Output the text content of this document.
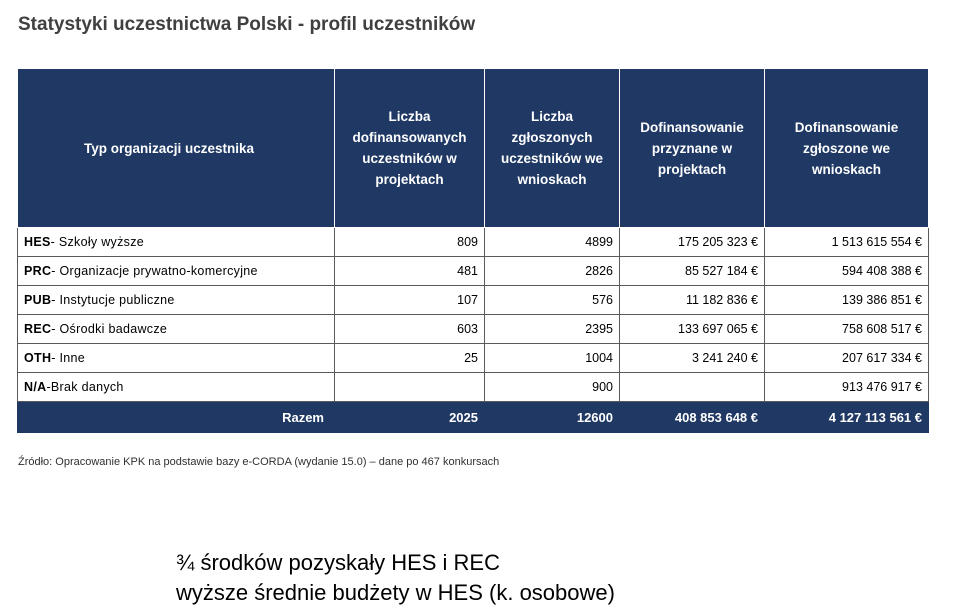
Statystyki uczestnictwa Polski - profil uczestników
Typ organizacji uczestnika	Liczba dofinansowanych uczestników w projektach	Liczba zgłoszonych uczestników we wnioskach	Dofinansowanie przyznane w projektach	Dofinansowanie zgłoszone we wnioskach
HES- Szkoły wyższe	809	4899	175 205 323 €	1 513 615 554 €
PRC- Organizacje prywatno-komercyjne	481	2826	85 527 184 €	594 408 388 €
PUB- Instytucje publiczne	107	576	11 182 836 €	139 386 851 €
REC- Ośrodki badawcze	603	2395	133 697 065 €	758 608 517 €
OTH- Inne	25	1004	3 241 240 €	207 617 334 €
N/A-Brak danych		900		913 476 917 €
Razem	2025	12600	408 853 648 €	4 127 113 561 €
Źródło: Opracowanie KPK na podstawie bazy e-CORDA (wydanie 15.0) – dane po 467 konkursach
¾ środków pozyskały HES i REC
wyższe średnie budżety w HES (k. osobowe)
